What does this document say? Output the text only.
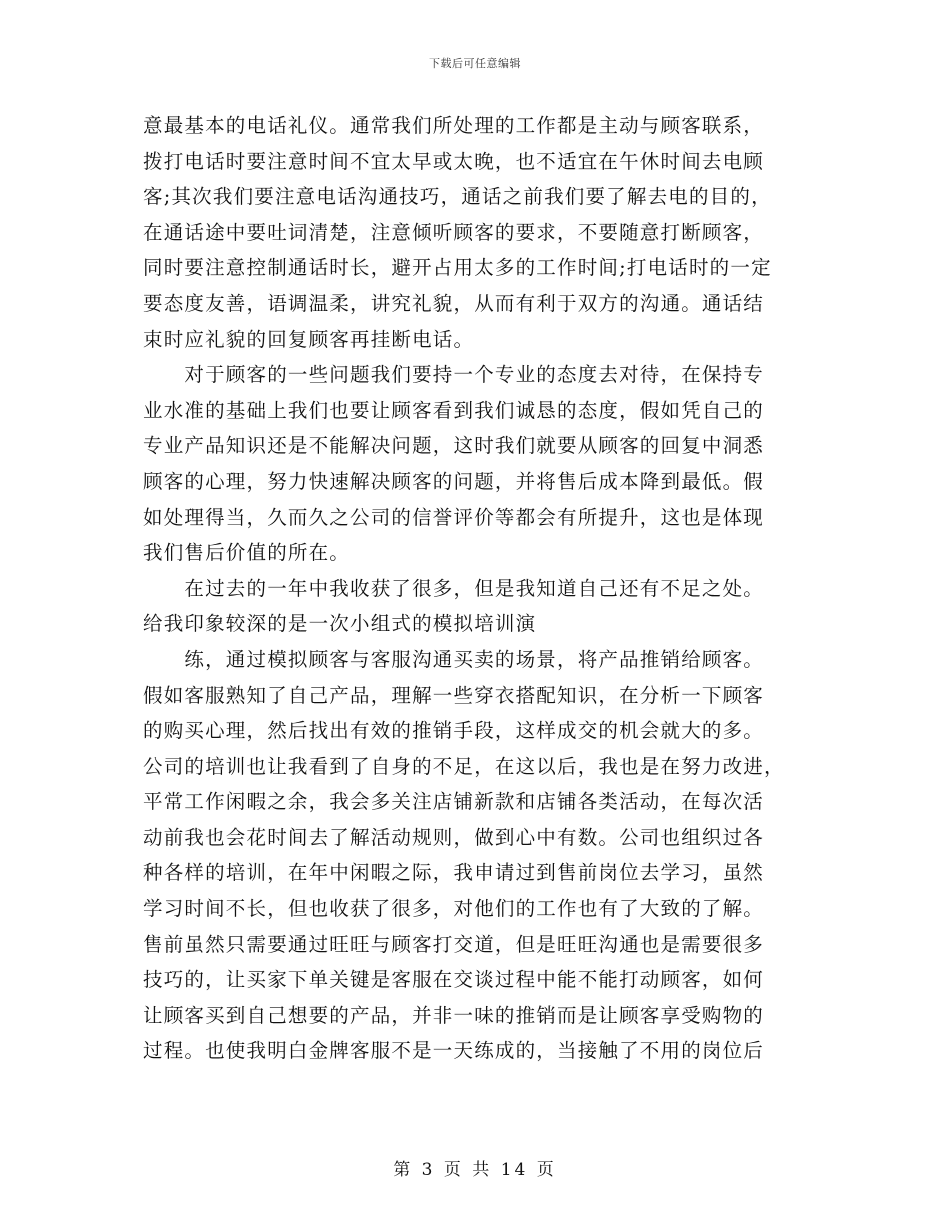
下载后可任意编辑
意最基本的电话礼仪。通常我们所处理的工作都是主动与顾客联系，
拨打电话时要注意时间不宜太早或太晚，也不适宜在午休时间去电顾
客;其次我们要注意电话沟通技巧，通话之前我们要了解去电的目的，
在通话途中要吐词清楚，注意倾听顾客的要求，不要随意打断顾客，
同时要注意控制通话时长，避开占用太多的工作时间;打电话时的一定
要态度友善，语调温柔，讲究礼貌，从而有利于双方的沟通。通话结
束时应礼貌的回复顾客再挂断电话。
　　对于顾客的一些问题我们要持一个专业的态度去对待，在保持专
业水准的基础上我们也要让顾客看到我们诚恳的态度，假如凭自己的
专业产品知识还是不能解决问题，这时我们就要从顾客的回复中洞悉
顾客的心理，努力快速解决顾客的问题，并将售后成本降到最低。假
如处理得当，久而久之公司的信誉评价等都会有所提升，这也是体现
我们售后价值的所在。
　　在过去的一年中我收获了很多，但是我知道自己还有不足之处。
给我印象较深的是一次小组式的模拟培训演
　　练，通过模拟顾客与客服沟通买卖的场景，将产品推销给顾客。
假如客服熟知了自己产品，理解一些穿衣搭配知识，在分析一下顾客
的购买心理，然后找出有效的推销手段，这样成交的机会就大的多。
公司的培训也让我看到了自身的不足，在这以后，我也是在努力改进，
平常工作闲暇之余，我会多关注店铺新款和店铺各类活动，在每次活
动前我也会花时间去了解活动规则，做到心中有数。公司也组织过各
种各样的培训，在年中闲暇之际，我申请过到售前岗位去学习，虽然
学习时间不长，但也收获了很多，对他们的工作也有了大致的了解。
售前虽然只需要通过旺旺与顾客打交道，但是旺旺沟通也是需要很多
技巧的，让买家下单关键是客服在交谈过程中能不能打动顾客，如何
让顾客买到自己想要的产品，并非一味的推销而是让顾客享受购物的
过程。也使我明白金牌客服不是一天练成的，当接触了不用的岗位后
第 3 页 共 14 页
